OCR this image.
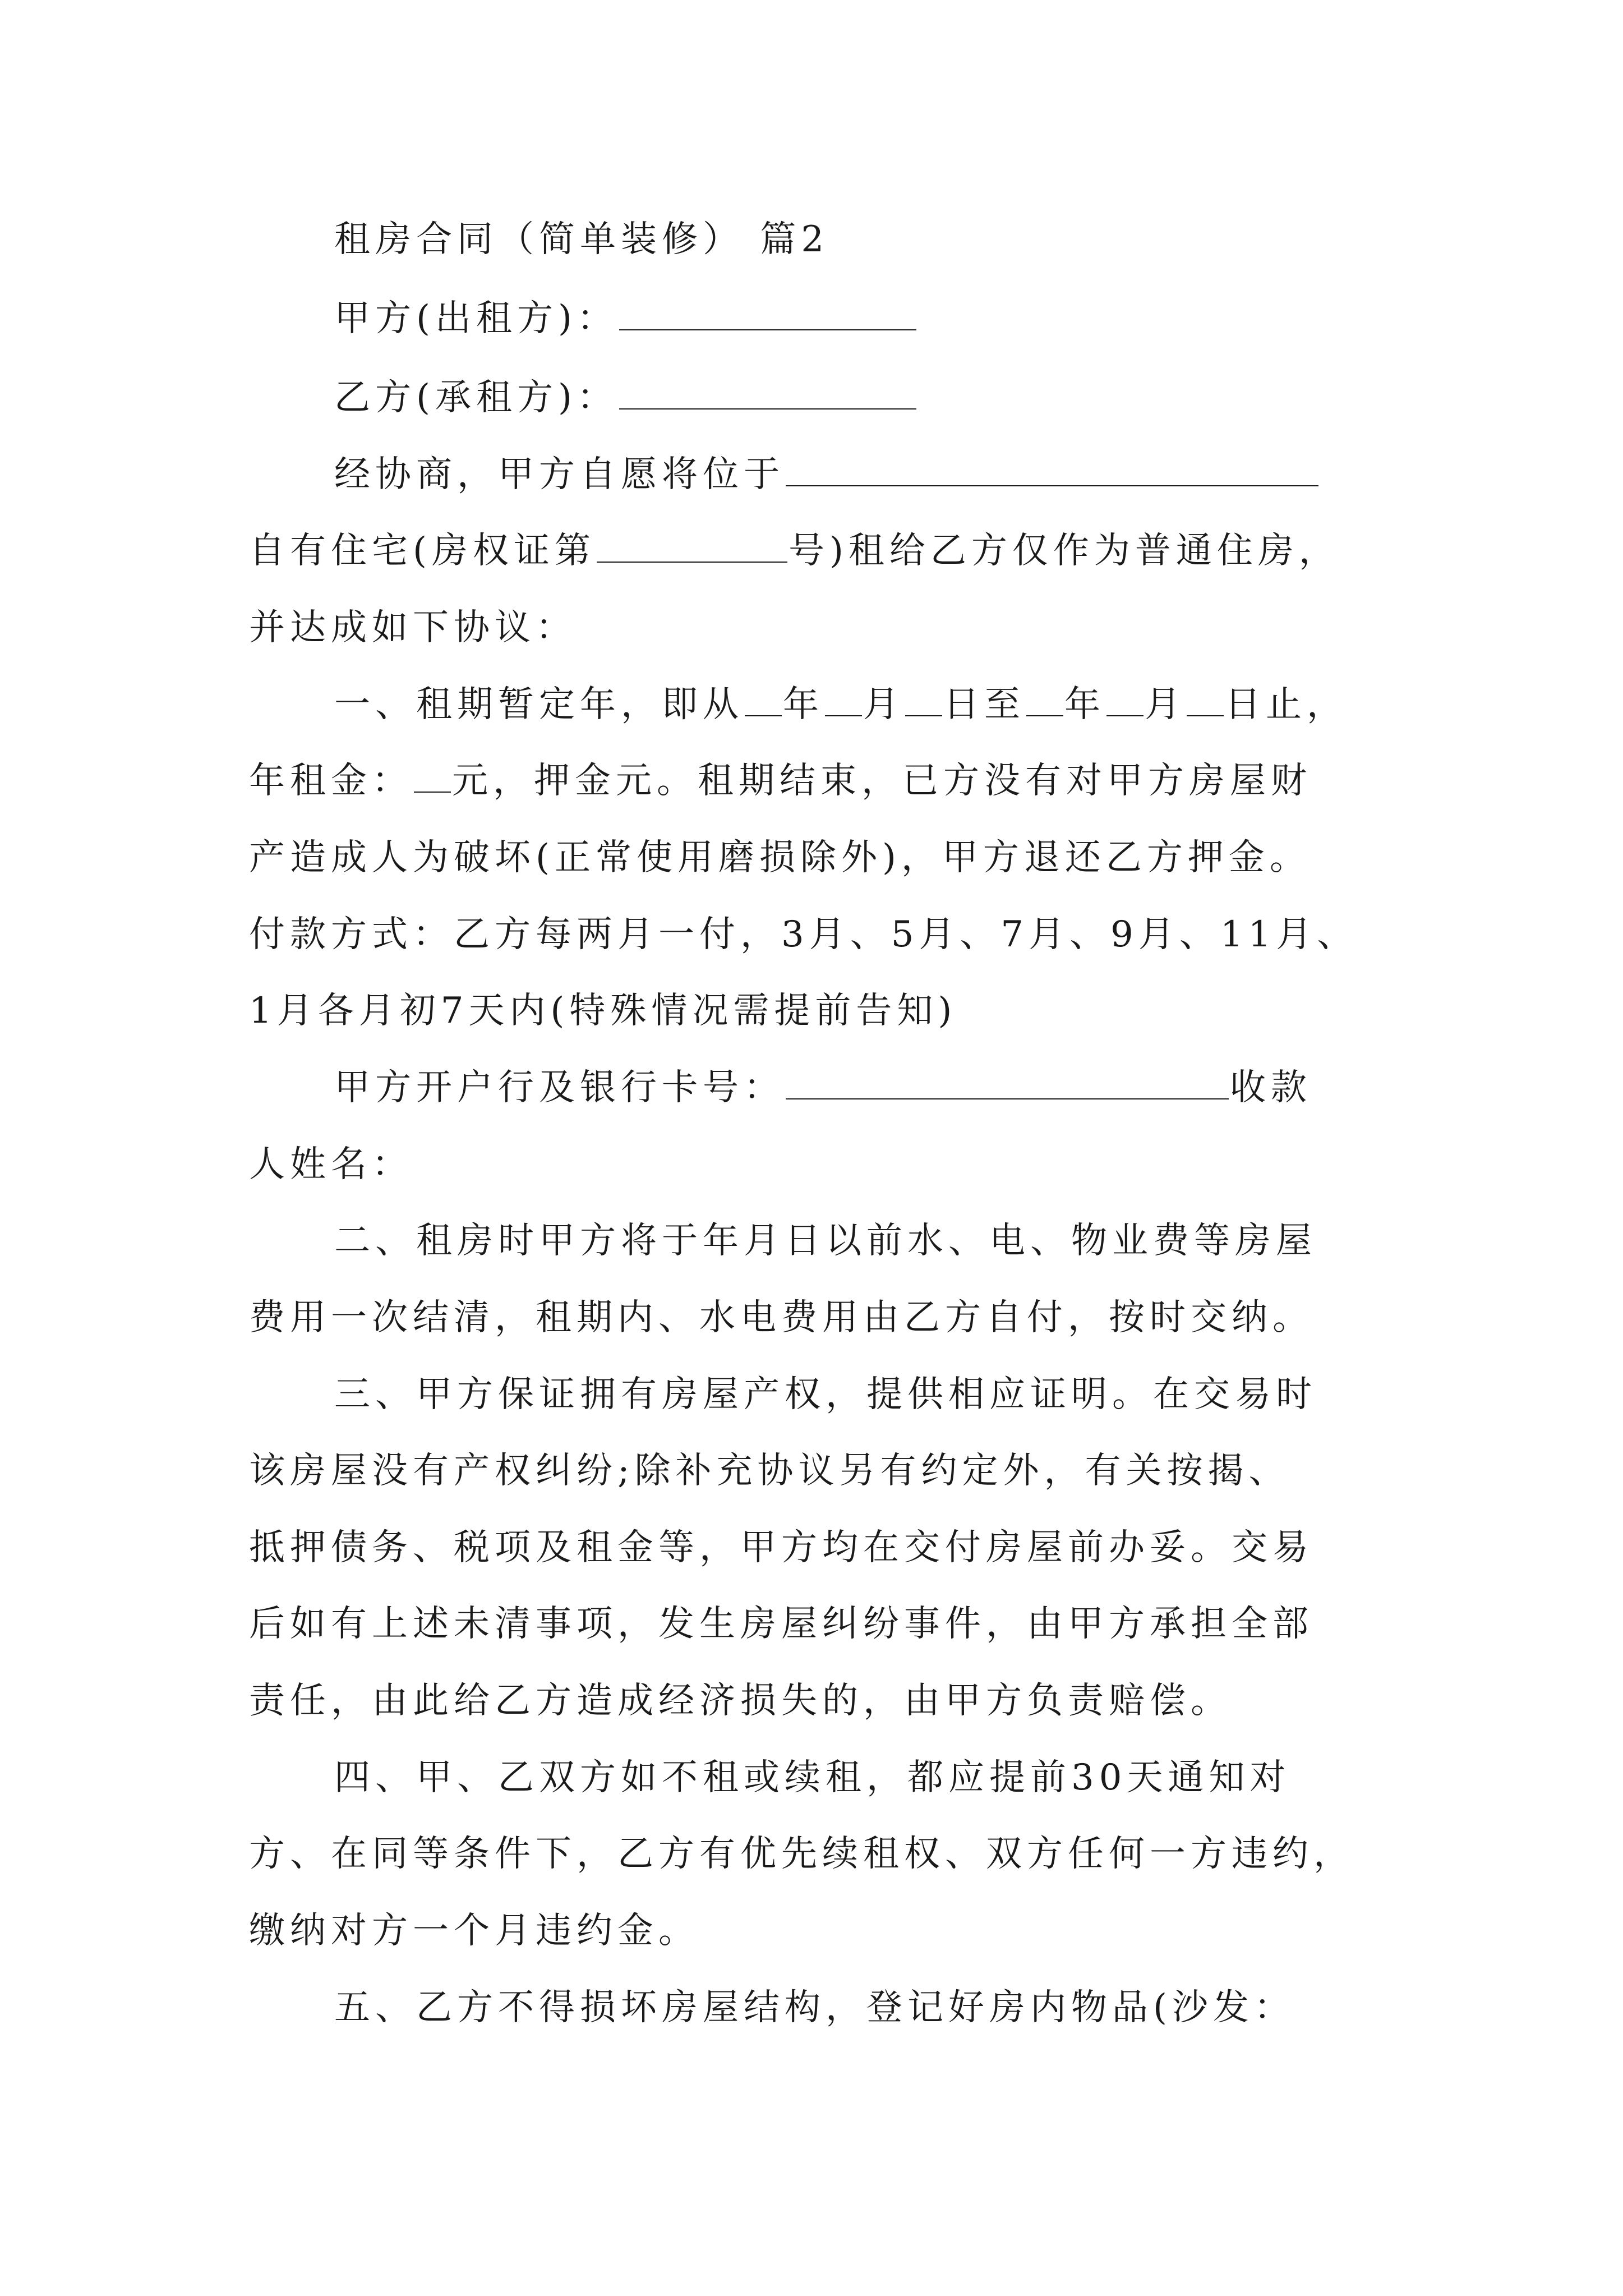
租房合同（简单装修） 篇2
甲方(出租方)：
乙方(承租方)：
经协商，甲方自愿将位于
自有住宅(房权证第	号)租给乙方仅作为普通住房，
并达成如下协议：
一、租期暂定年，即从 年 月 日至 年 月 日止，
年租金： 元，押金元。租期结束，已方没有对甲方房屋财
产造成人为破坏(正常使用磨损除外)，甲方退还乙方押金。
付款方式：乙方每两月一付，3月、5月、7月、9月、11月、
1月各月初7天内(特殊情况需提前告知)
甲方开户行及银行卡号：	收款
人姓名：
二、租房时甲方将于年月日以前水、电、物业费等房屋
费用一次结清，租期内、水电费用由乙方自付，按时交纳。
三、甲方保证拥有房屋产权，提供相应证明。在交易时
该房屋没有产权纠纷;除补充协议另有约定外，有关按揭、
抵押债务、税项及租金等，甲方均在交付房屋前办妥。交易
后如有上述未清事项，发生房屋纠纷事件，由甲方承担全部
责任，由此给乙方造成经济损失的，由甲方负责赔偿。
四、甲、乙双方如不租或续租，都应提前30天通知对
方、在同等条件下，乙方有优先续租权、双方任何一方违约，
缴纳对方一个月违约金。
五、乙方不得损坏房屋结构，登记好房内物品(沙发：
